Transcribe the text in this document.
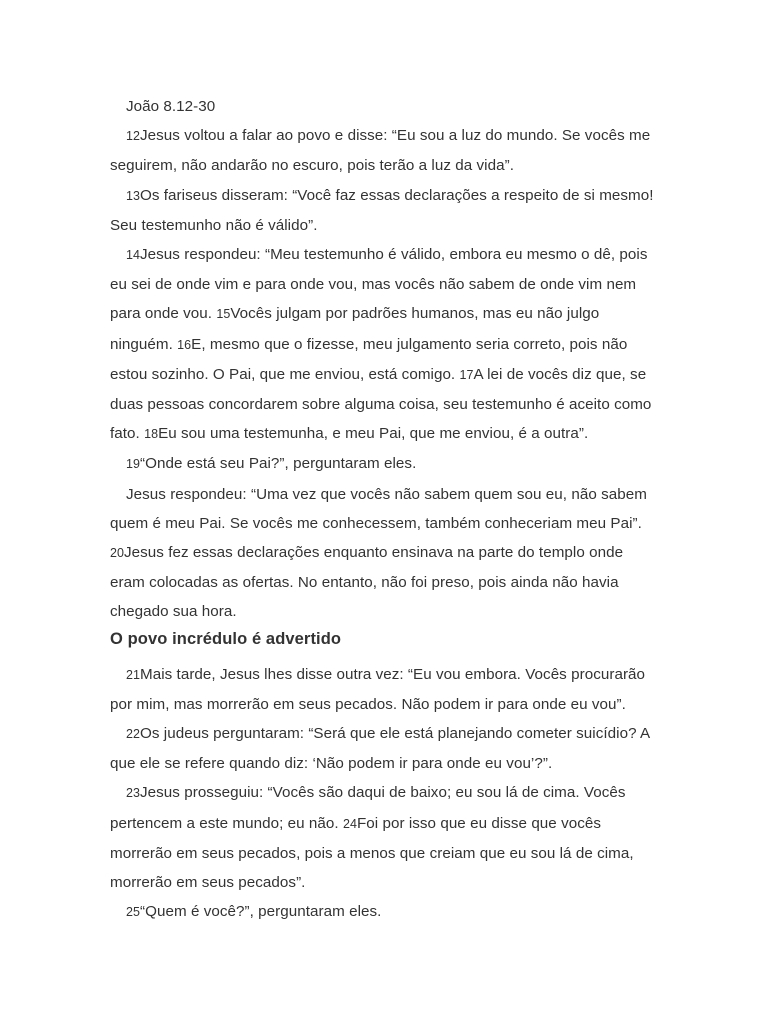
João 8.12-30

12Jesus voltou a falar ao povo e disse: “Eu sou a luz do mundo. Se vocês me seguirem, não andarão no escuro, pois terão a luz da vida”.

13Os fariseus disseram: “Você faz essas declarações a respeito de si mesmo! Seu testemunho não é válido”.

14Jesus respondeu: “Meu testemunho é válido, embora eu mesmo o dê, pois eu sei de onde vim e para onde vou, mas vocês não sabem de onde vim nem para onde vou. 15Vocês julgam por padrões humanos, mas eu não julgo ninguém. 16E, mesmo que o fizesse, meu julgamento seria correto, pois não estou sozinho. O Pai, que me enviou, está comigo. 17A lei de vocês diz que, se duas pessoas concordarem sobre alguma coisa, seu testemunho é aceito como fato. 18Eu sou uma testemunha, e meu Pai, que me enviou, é a outra”.

19“Onde está seu Pai?”, perguntaram eles.

Jesus respondeu: “Uma vez que vocês não sabem quem sou eu, não sabem quem é meu Pai. Se vocês me conhecessem, também conheceriam meu Pai”. 20Jesus fez essas declarações enquanto ensinava na parte do templo onde eram colocadas as ofertas. No entanto, não foi preso, pois ainda não havia chegado sua hora.

O povo incrédulo é advertido

21Mais tarde, Jesus lhes disse outra vez: “Eu vou embora. Vocês procurarão por mim, mas morrerão em seus pecados. Não podem ir para onde eu vou”.

22Os judeus perguntaram: “Será que ele está planejando cometer suicídio? A que ele se refere quando diz: ‘Não podem ir para onde eu vou’?”.

23Jesus prosseguiu: “Vocês são daqui de baixo; eu sou lá de cima. Vocês pertencem a este mundo; eu não. 24Foi por isso que eu disse que vocês morrerão em seus pecados, pois a menos que creiam que eu sou lá de cima, morrerão em seus pecados”.

25“Quem é você?”, perguntaram eles.
